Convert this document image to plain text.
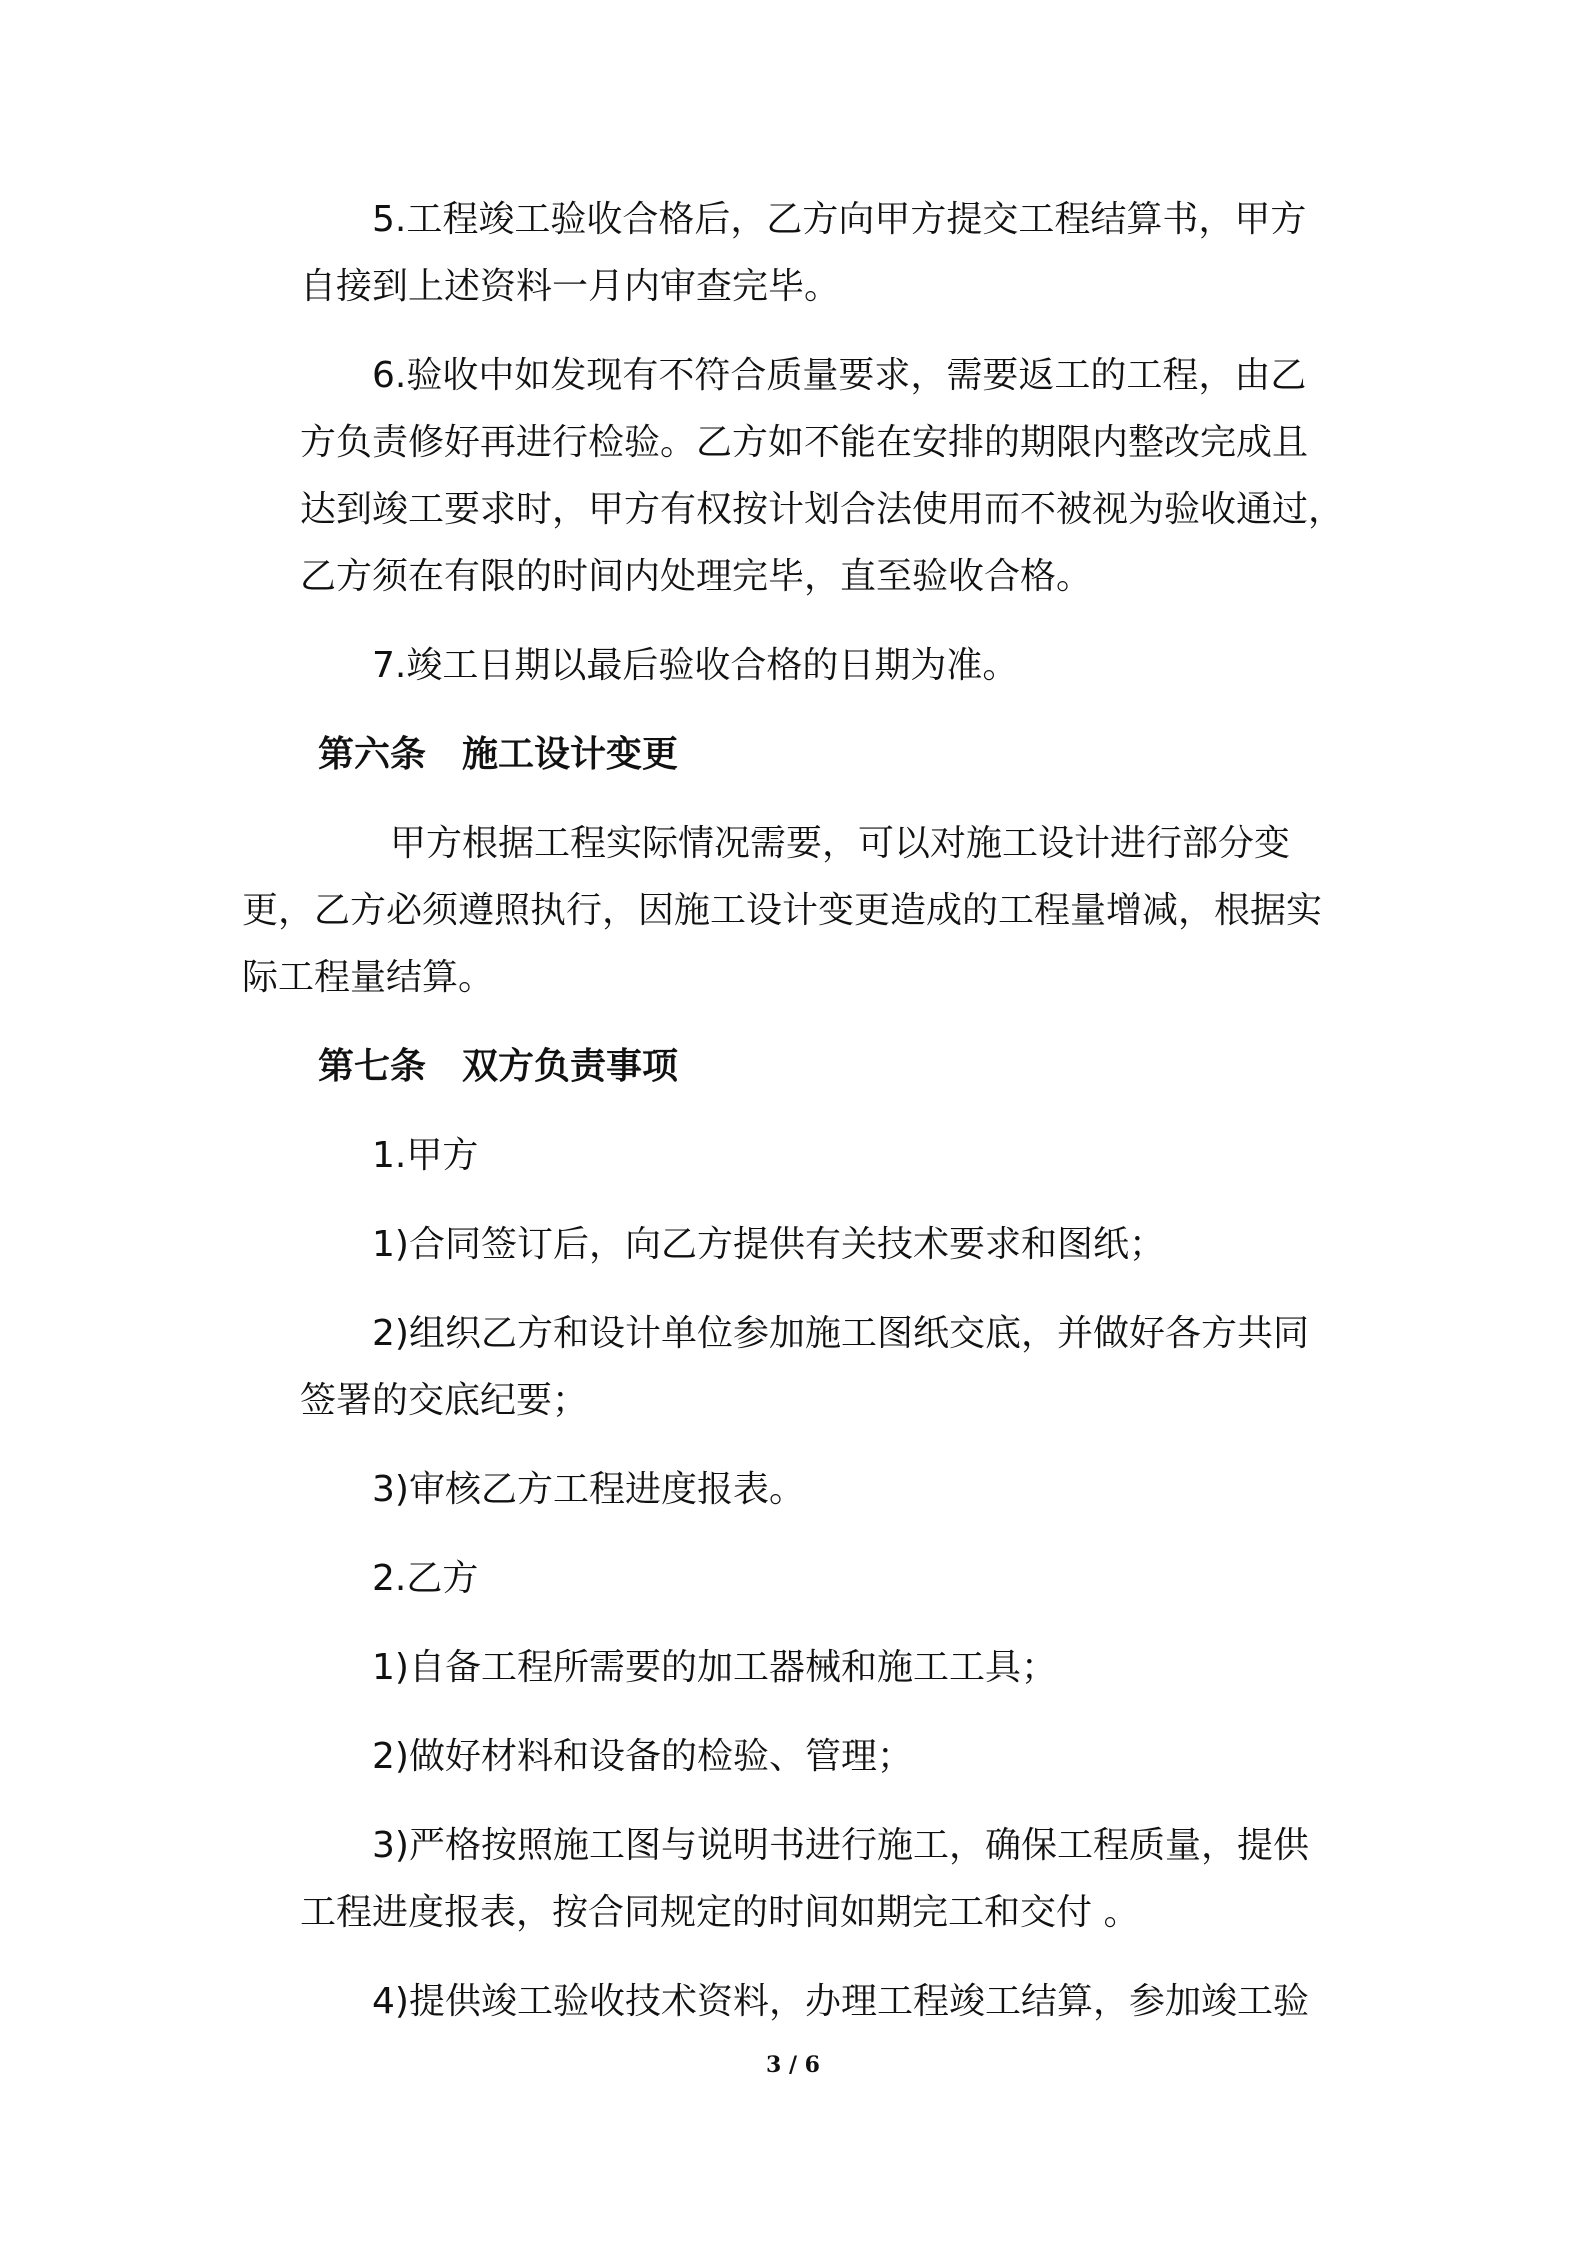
5.工程竣工验收合格后，乙方向甲方提交工程结算书，甲方
自接到上述资料一月内审查完毕。
6.验收中如发现有不符合质量要求，需要返工的工程，由乙
方负责修好再进行检验。乙方如不能在安排的期限内整改完成且
达到竣工要求时，甲方有权按计划合法使用而不被视为验收通过，
乙方须在有限的时间内处理完毕，直至验收合格。
7.竣工日期以最后验收合格的日期为准。
第六条　施工设计变更
甲方根据工程实际情况需要，可以对施工设计进行部分变
更，乙方必须遵照执行，因施工设计变更造成的工程量增减，根据实
际工程量结算。
第七条　双方负责事项
1.甲方
1)合同签订后，向乙方提供有关技术要求和图纸；
2)组织乙方和设计单位参加施工图纸交底，并做好各方共同
签署的交底纪要；
3)审核乙方工程进度报表。
2.乙方
1)自备工程所需要的加工器械和施工工具；
2)做好材料和设备的检验、管理；
3)严格按照施工图与说明书进行施工，确保工程质量，提供
工程进度报表，按合同规定的时间如期完工和交付 。
4)提供竣工验收技术资料，办理工程竣工结算，参加竣工验
3 / 6
